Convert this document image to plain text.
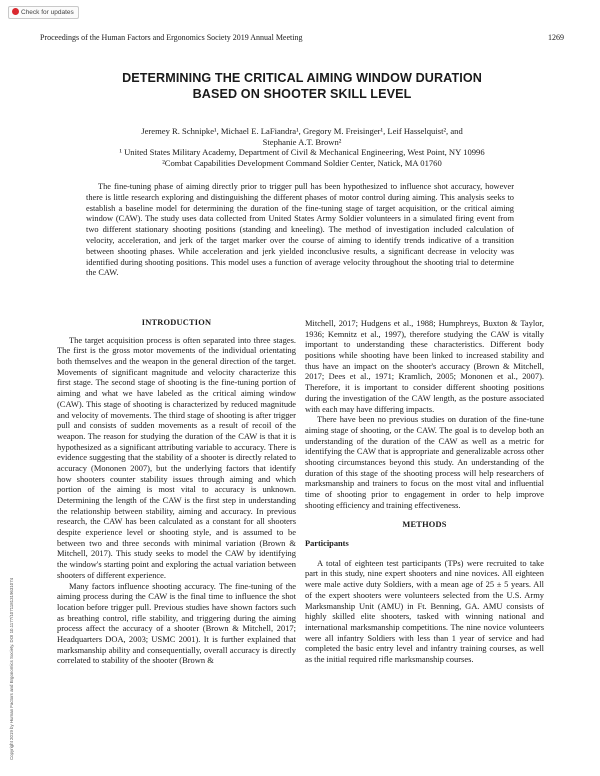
Check for updates
Proceedings of the Human Factors and Ergonomics Society 2019 Annual Meeting	1269
DETERMINING THE CRITICAL AIMING WINDOW DURATION
BASED ON SHOOTER SKILL LEVEL
Jeremey R. Schnipke¹, Michael E. LaFiandra¹, Gregory M. Freisinger¹, Leif Hasselquist², and
Stephanie A.T. Brown²
¹ United States Military Academy, Department of Civil & Mechanical Engineering, West Point, NY 10996
²Combat Capabilities Development Command Soldier Center, Natick, MA 01760
The fine-tuning phase of aiming directly prior to trigger pull has been hypothesized to influence shot accuracy, however there is little research exploring and distinguishing the different phases of motor control during aiming. This analysis seeks to establish a baseline model for determining the duration of the fine-tuning stage of target acquisition, or the critical aiming window (CAW). The study uses data collected from United States Army Soldier volunteers in a simulated firing event from two different stationary shooting positions (standing and kneeling). The method of investigation included calculation of velocity, acceleration, and jerk of the target marker over the course of aiming to identify trends indicative of a transition between shooting phases. While acceleration and jerk yielded inconclusive results, a significant decrease in velocity was identified during shooting positions. This model uses a function of average velocity throughout the shooting trial to determine the CAW.
INTRODUCTION

The target acquisition process is often separated into three stages. The first is the gross motor movements of the individual orientating both themselves and the weapon in the general direction of the target. Movements of significant magnitude and velocity characterize this first stage. The second stage of shooting is the fine-tuning portion of aiming and what we have labeled as the critical aiming window (CAW). This stage of shooting is characterized by reduced magnitude and velocity of movements. The third stage of shooting is after trigger pull and consists of sudden movements as a result of recoil of the weapon. The reason for studying the duration of the CAW is that it is hypothesized as a significant attributing variable to accuracy. There is evidence suggesting that the stability of a shooter is directly related to accuracy (Mononen 2007), but the underlying factors that identify how shooters counter stability issues through aiming and which portion of the aiming is most vital to accuracy is unknown. Determining the length of the CAW is the first step in understanding the relationship between stability, aiming and accuracy. In previous research, the CAW has been calculated as a constant for all shooters despite experience level or shooting style, and is assumed to be between two and three seconds with minimal variation (Brown & Mitchell, 2017). This study seeks to model the CAW by identifying the window's starting point and exploring the actual variation between shooters of different experience.

Many factors influence shooting accuracy. The fine-tuning of the aiming process during the CAW is the final time to influence the shot location before trigger pull. Previous studies have shown factors such as breathing control, rifle stability, and triggering during the aiming process affect the accuracy of a shooter (Brown & Mitchell, 2017; Headquarters DOA, 2003; USMC 2001). It is further explained that marksmanship ability and consequentially, overall accuracy is directly correlated to stability of the shooter (Brown &

Mitchell, 2017; Hudgens et al., 1988; Humphreys, Buxton & Taylor, 1936; Kemnitz et al., 1997), therefore studying the CAW is vitally important to understanding these characteristics. Different body positions while shooting have been linked to increased stability and thus have an impact on the shooter's accuracy (Brown & Mitchell, 2017; Dees et al., 1971; Kramlich, 2005; Mononen et al., 2007). Therefore, it is important to consider different shooting positions during the investigation of the CAW length, as the posture associated with each may have differing impacts.

There have been no previous studies on duration of the fine-tune aiming stage of shooting, or the CAW. The goal is to develop both an understanding of the duration of the CAW as well as a metric for identifying the CAW that is appropriate and generalizable across other shooting circumstances beyond this study. An understanding of the duration of this stage of the shooting process will help researchers of marksmanship and trainers to focus on the most vital and influential time of shooting prior to engagement in order to help improve shooting efficiency and training effectiveness.

METHODS
Participants

A total of eighteen test participants (TPs) were recruited to take part in this study, nine expert shooters and nine novices. All eighteen were male active duty Soldiers, with a mean age of 25 ± 5 years. All of the expert shooters were volunteers selected from the U.S. Army Marksmanship Unit (AMU) in Ft. Benning, GA. AMU consists of highly skilled elite shooters, tasked with winning national and international marksmanship competitions. The nine novice volunteers were all infantry Soldiers with less than 1 year of service and had completed the basic entry level and infantry training courses, as well as the initial required rifle marksmanship courses.

Copyright 2019 by Human Factors and Ergonomics Society. DOI 10.1177/1071181319631074
